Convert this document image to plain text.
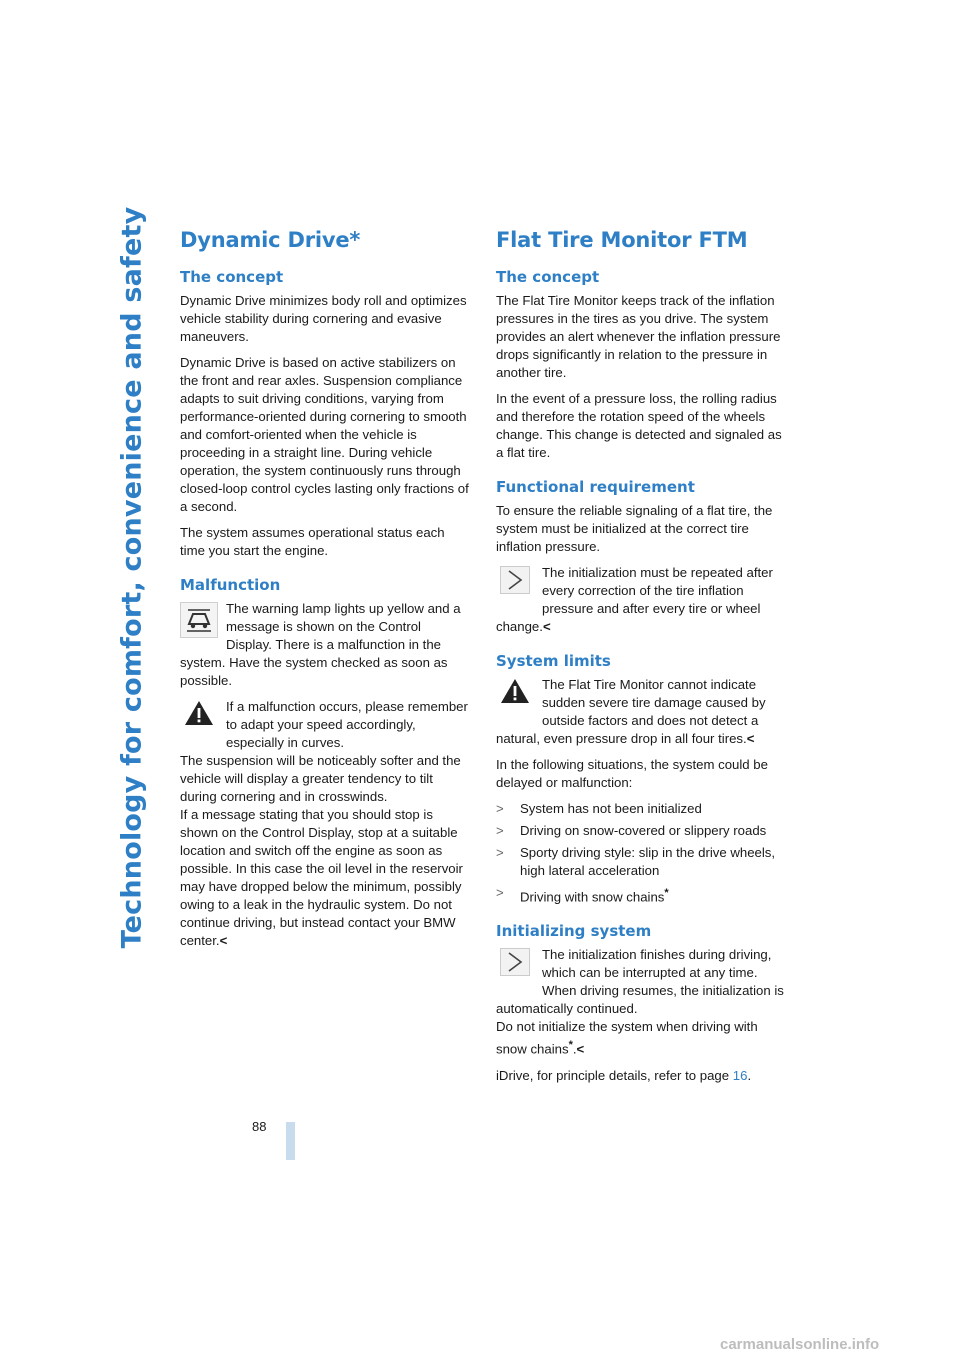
Technology for comfort, convenience and safety Dynamic Drive*
The concept

Dynamic Drive minimizes body roll and optimizes vehicle stability during cornering and evasive maneuvers.

Dynamic Drive is based on active stabilizers on the front and rear axles. Suspension compliance adapts to suit driving conditions, varying from performance-oriented during cornering to smooth and comfort-oriented when the vehicle is proceeding in a straight line. During vehicle operation, the system continuously runs through closed-loop control cycles lasting only fractions of a second.

The system assumes operational status each time you start the engine.

Malfunction

The warning lamp lights up yellow and a message is shown on the Control Display. There is a malfunction in the system. Have the system checked as soon as possible.

If a malfunction occurs, please remember to adapt your speed accordingly, especially in curves.

The suspension will be noticeably softer and the vehicle will display a greater tendency to tilt during cornering and in crosswinds.

If a message stating that you should stop is shown on the Control Display, stop at a suitable location and switch off the engine as soon as possible. In this case the oil level in the reservoir may have dropped below the minimum, possibly owing to a leak in the hydraulic system. Do not continue driving, but instead contact your BMW center.<

Flat Tire Monitor FTM
The concept

The Flat Tire Monitor keeps track of the inflation pressures in the tires as you drive. The system provides an alert whenever the inflation pressure drops significantly in relation to the pressure in another tire.

In the event of a pressure loss, the rolling radius and therefore the rotation speed of the wheels change. This change is detected and signaled as a flat tire.

Functional requirement

To ensure the reliable signaling of a flat tire, the system must be initialized at the correct tire inflation pressure.

The initialization must be repeated after every correction of the tire inflation pressure and after every tire or wheel change.<

System limits

The Flat Tire Monitor cannot indicate sudden severe tire damage caused by outside factors and does not detect a natural, even pressure drop in all four tires.<

In the following situations, the system could be delayed or malfunction:

> System has not been initialized
> Driving on snow-covered or slippery roads
> Sporty driving style: slip in the drive wheels, high lateral acceleration
> Driving with snow chains*
Initializing system

The initialization finishes during driving, which can be interrupted at any time.

When driving resumes, the initialization is automatically continued.

Do not initialize the system when driving with snow chains*.<

iDrive, for principle details, refer to page 16.

88
carmanualsonline.info
